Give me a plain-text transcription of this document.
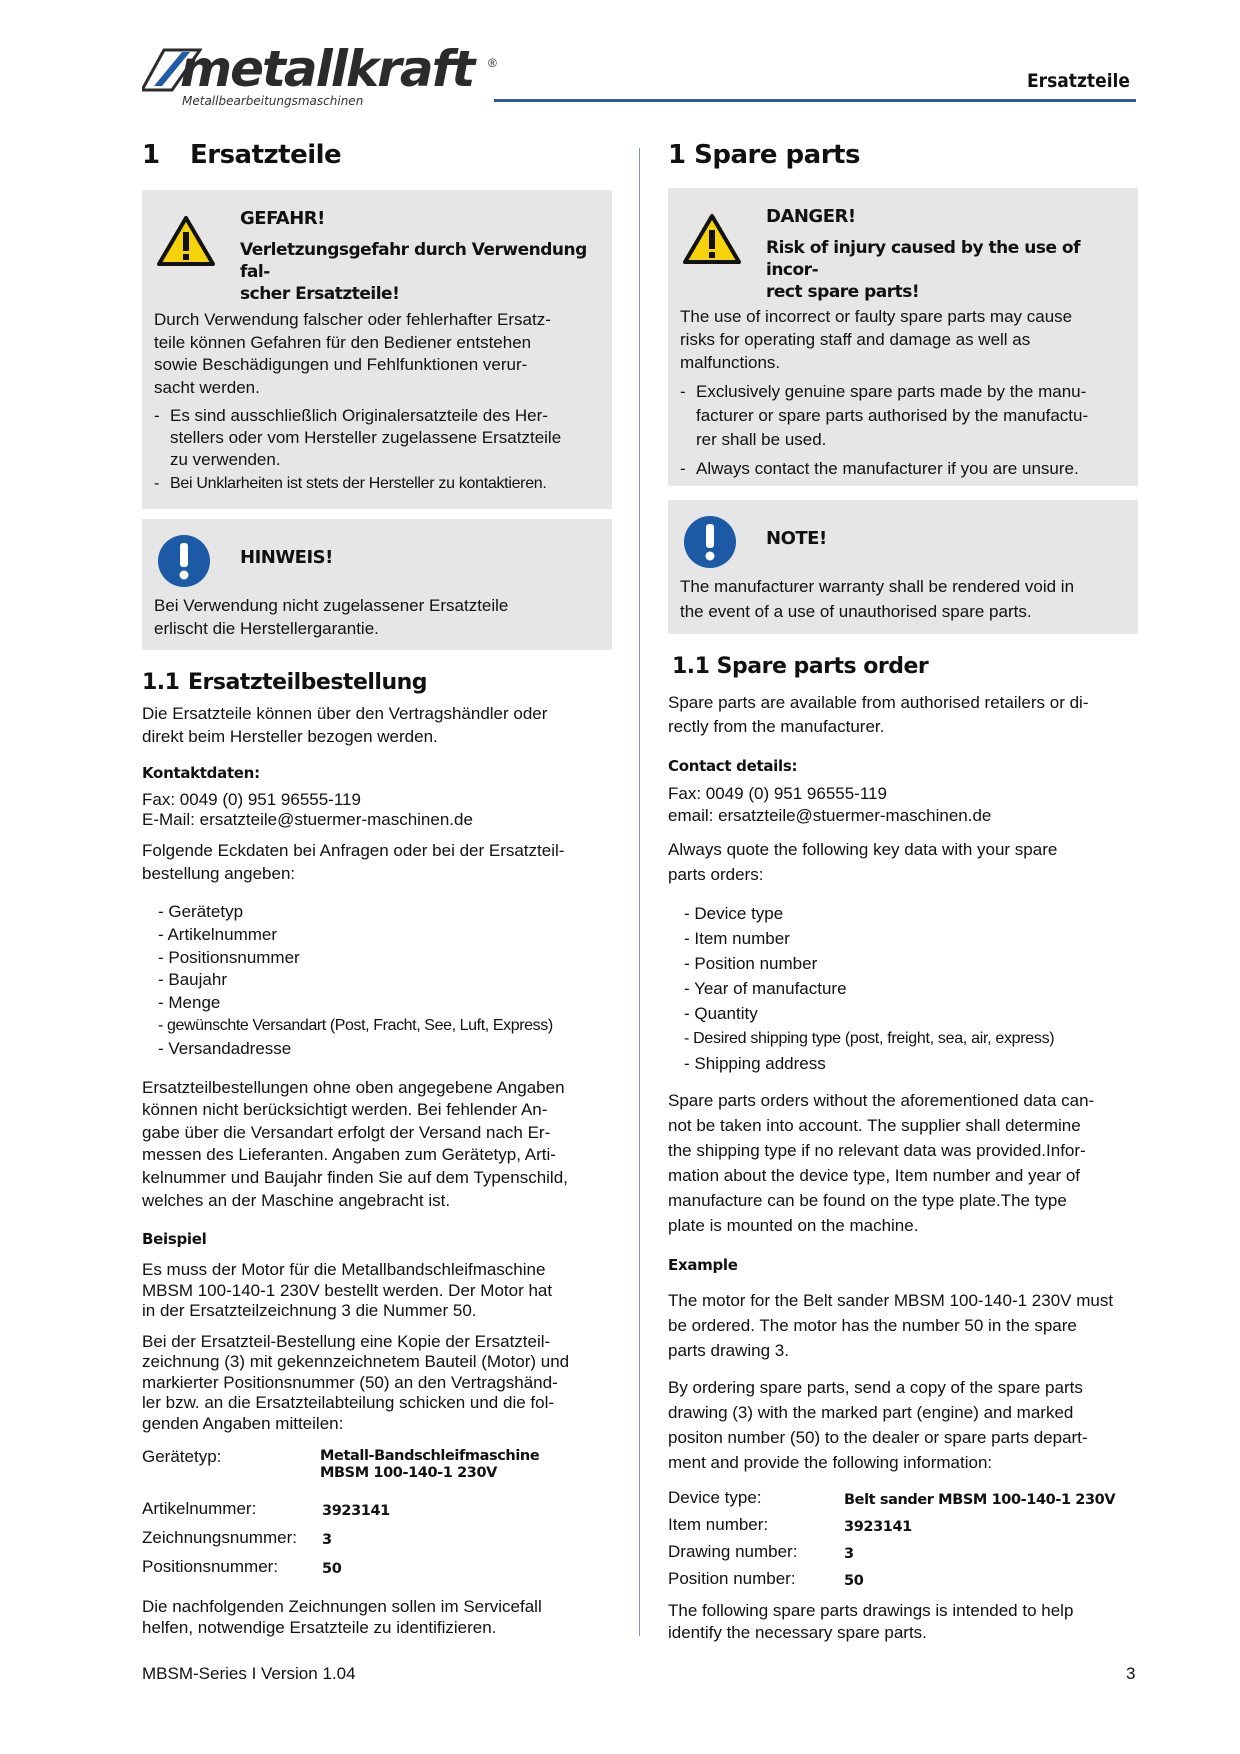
metallkraft ®
Metallbearbeitungsmaschinen
Ersatzteile
1 Ersatzteile
GEFAHR!
Verletzungsgefahr durch Verwendung fal-
scher Ersatzteile!

Durch Verwendung falscher oder fehlerhafter Ersatz-
teile können Gefahren für den Bediener entstehen
sowie Beschädigungen und Fehlfunktionen verur-
sacht werden.

- Es sind ausschließlich Originalersatzteile des Her-
stellers oder vom Hersteller zugelassene Ersatzteile
zu verwenden.
- Bei Unklarheiten ist stets der Hersteller zu kontaktieren.
HINWEIS!

Bei Verwendung nicht zugelassener Ersatzteile
erlischt die Herstellergarantie.

1.1 Ersatzteilbestellung

Die Ersatzteile können über den Vertragshändler oder
direkt beim Hersteller bezogen werden.

Kontaktdaten:

Fax: 0049 (0) 951 96555-119
E-Mail: ersatzteile@stuermer-maschinen.de

Folgende Eckdaten bei Anfragen oder bei der Ersatzteil-
bestellung angeben:

- Gerätetyp
- Artikelnummer
- Positionsnummer
- Baujahr
- Menge
- gewünschte Versandart (Post, Fracht, See, Luft, Express)
- Versandadresse

Ersatzteilbestellungen ohne oben angegebene Angaben
können nicht berücksichtigt werden. Bei fehlender An-
gabe über die Versandart erfolgt der Versand nach Er-
messen des Lieferanten. Angaben zum Gerätetyp, Arti-
kelnummer und Baujahr finden Sie auf dem Typenschild,
welches an der Maschine angebracht ist.

Beispiel

Es muss der Motor für die Metallbandschleifmaschine
MBSM 100-140-1 230V bestellt werden. Der Motor hat
in der Ersatzteilzeichnung 3 die Nummer 50.

Bei der Ersatzteil-Bestellung eine Kopie der Ersatzteil-
zeichnung (3) mit gekennzeichnetem Bauteil (Motor) und
markierter Positionsnummer (50) an den Vertragshänd-
ler bzw. an die Ersatzteilabteilung schicken und die fol-
genden Angaben mitteilen:

Gerätetyp:	Metall-Bandschleifmaschine
MBSM 100-140-1 230V
Artikelnummer:	3923141
Zeichnungsnummer:	3
Positionsnummer:	50

Die nachfolgenden Zeichnungen sollen im Servicefall
helfen, notwendige Ersatzteile zu identifizieren.

1 Spare parts
DANGER!
Risk of injury caused by the use of incor-
rect spare parts!

The use of incorrect or faulty spare parts may cause
risks for operating staff and damage as well as
malfunctions.

- Exclusively genuine spare parts made by the manu-
facturer or spare parts authorised by the manufactu-
rer shall be used.
- Always contact the manufacturer if you are unsure.
NOTE!

The manufacturer warranty shall be rendered void in
the event of a use of unauthorised spare parts.

1.1 Spare parts order

Spare parts are available from authorised retailers or di-
rectly from the manufacturer.

Contact details:

Fax: 0049 (0) 951 96555-119
email: ersatzteile@stuermer-maschinen.de

Always quote the following key data with your spare
parts orders:

- Device type
- Item number
- Position number
- Year of manufacture
- Quantity
- Desired shipping type (post, freight, sea, air, express)
- Shipping address

Spare parts orders without the aforementioned data can-
not be taken into account. The supplier shall determine
the shipping type if no relevant data was provided.Infor-
mation about the device type, Item number and year of
manufacture can be found on the type plate.The type
plate is mounted on the machine.

Example

The motor for the Belt sander MBSM 100-140-1 230V must
be ordered. The motor has the number 50 in the spare
parts drawing 3.

By ordering spare parts, send a copy of the spare parts
drawing (3) with the marked part (engine) and marked
positon number (50) to the dealer or spare parts depart-
ment and provide the following information:

Device type:	Belt sander MBSM 100-140-1 230V
Item number:	3923141
Drawing number:	3
Position number:	50

The following spare parts drawings is intended to help
identify the necessary spare parts.

MBSM-Series I Version 1.04	3
